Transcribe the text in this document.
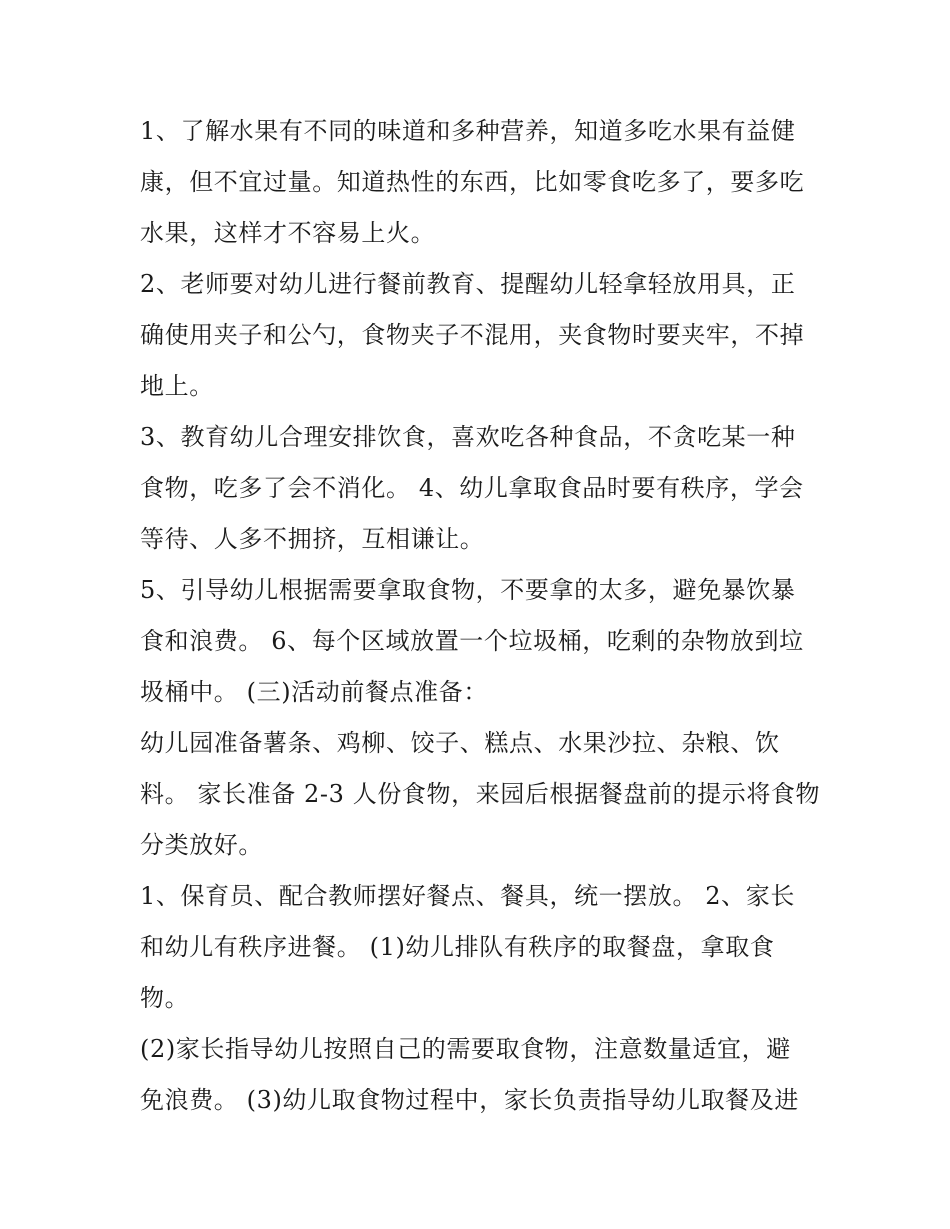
1、了解水果有不同的味道和多种营养，知道多吃水果有益健
康，但不宜过量。知道热性的东西，比如零食吃多了，要多吃
水果，这样才不容易上火。
2、老师要对幼儿进行餐前教育、提醒幼儿轻拿轻放用具，正
确使用夹子和公勺，食物夹子不混用，夹食物时要夹牢，不掉
地上。
3、教育幼儿合理安排饮食，喜欢吃各种食品，不贪吃某一种
食物，吃多了会不消化。 4、幼儿拿取食品时要有秩序，学会
等待、人多不拥挤，互相谦让。
5、引导幼儿根据需要拿取食物，不要拿的太多，避免暴饮暴
食和浪费。 6、每个区域放置一个垃圾桶，吃剩的杂物放到垃
圾桶中。 (三)活动前餐点准备：
幼儿园准备薯条、鸡柳、饺子、糕点、水果沙拉、杂粮、饮
料。 家长准备 2-3 人份食物，来园后根据餐盘前的提示将食物
分类放好。
1、保育员、配合教师摆好餐点、餐具，统一摆放。 2、家长
和幼儿有秩序进餐。 (1)幼儿排队有秩序的取餐盘，拿取食
物。
(2)家长指导幼儿按照自己的需要取食物，注意数量适宜，避
免浪费。 (3)幼儿取食物过程中，家长负责指导幼儿取餐及进
